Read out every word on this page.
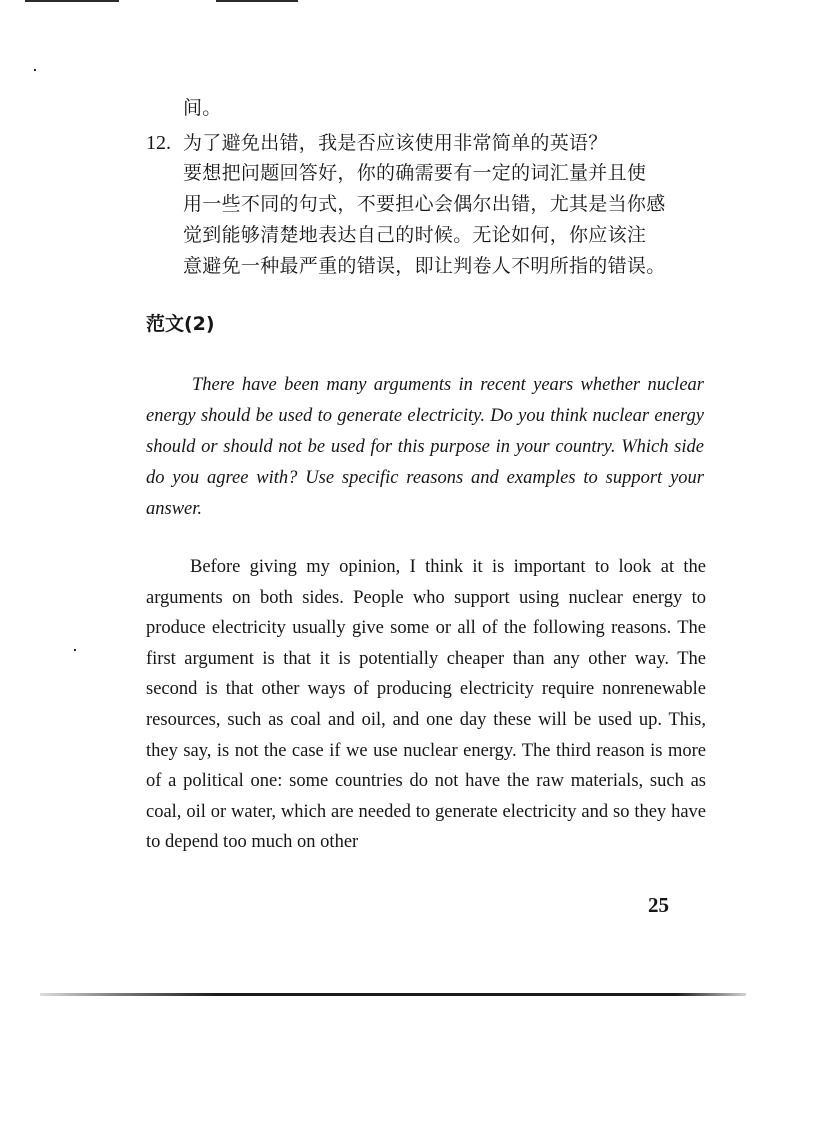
间。
12. 为了避免出错，我是否应该使用非常简单的英语？
要想把问题回答好，你的确需要有一定的词汇量并且使
用一些不同的句式，不要担心会偶尔出错，尤其是当你感
觉到能够清楚地表达自己的时候。无论如何，你应该注
意避免一种最严重的错误，即让判卷人不明所指的错误。
范文(2)

There have been many arguments in recent years whether nuclear energy should be used to generate electricity. Do you think nuclear energy should or should not be used for this purpose in your country. Which side do you agree with? Use specific reasons and examples to support your answer.

Before giving my opinion, I think it is important to look at the arguments on both sides. People who support using nuclear energy to produce electricity usually give some or all of the following reasons. The first argument is that it is potentially cheaper than any other way. The second is that other ways of producing electricity require nonrenewable resources, such as coal and oil, and one day these will be used up. This, they say, is not the case if we use nuclear energy. The third reason is more of a political one: some countries do not have the raw materials, such as coal, oil or water, which are needed to generate electricity and so they have to depend too much on other

25
